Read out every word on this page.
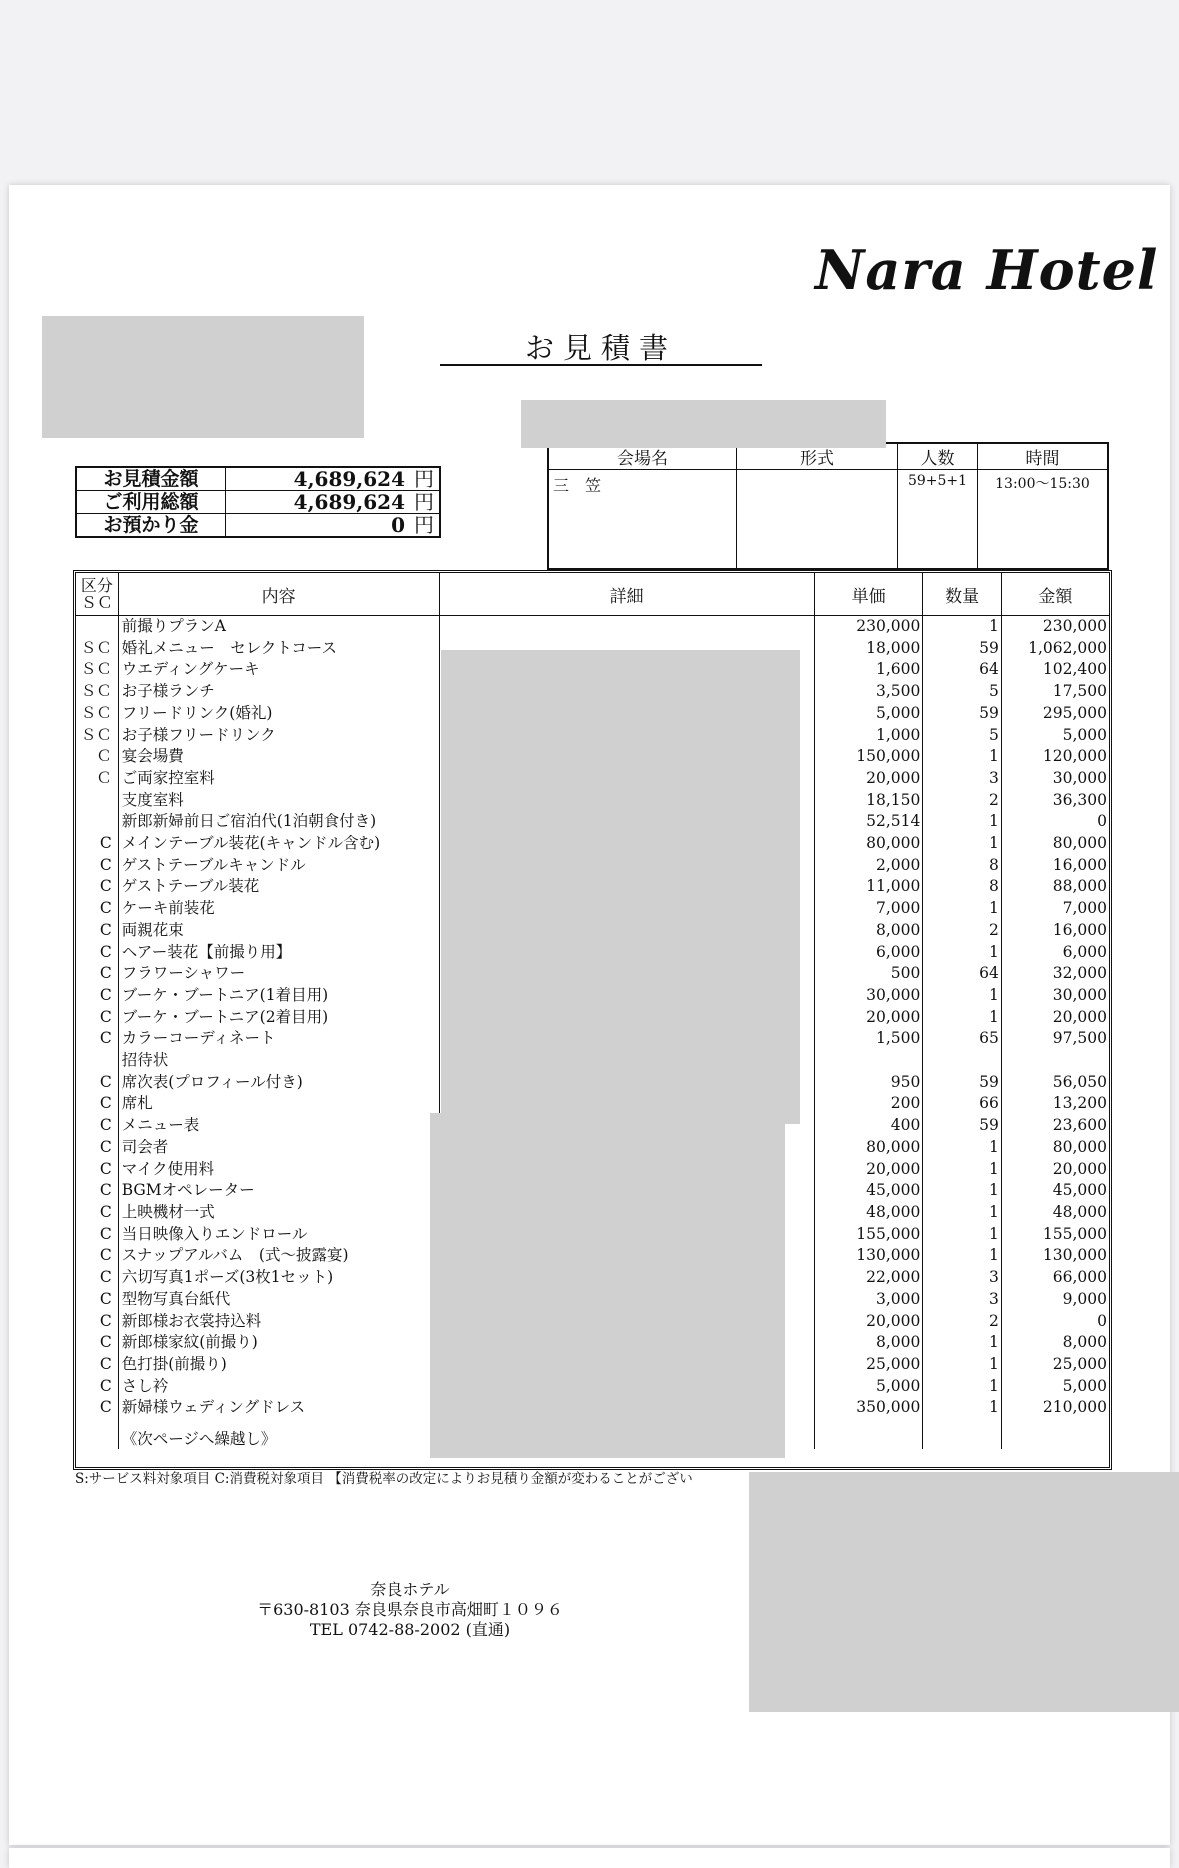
Nara Hotel
お見積書
お見積金額	4,689,624	円
ご利用総額	4,689,624	円
お預かり金	0	円
会場名	形式	人数	時間
三　笠		59+5+1	13:00〜15:30
区分
ＳＣ	内容	詳細	単価	数量	金額
	前撮りプランA		230,000	1	230,000
ＳＣ	婚礼メニュー　セレクトコース		18,000	59	1,062,000
ＳＣ	ウエディングケーキ		1,600	64	102,400
ＳＣ	お子様ランチ		3,500	5	17,500
ＳＣ	フリードリンク(婚礼)		5,000	59	295,000
ＳＣ	お子様フリードリンク		1,000	5	5,000
Ｃ	宴会場費		150,000	1	120,000
Ｃ	ご両家控室料		20,000	3	30,000
	支度室料		18,150	2	36,300
	新郎新婦前日ご宿泊代(1泊朝食付き)		52,514	1	0
C	メインテーブル装花(キャンドル含む)		80,000	1	80,000
C	ゲストテーブルキャンドル		2,000	8	16,000
C	ゲストテーブル装花		11,000	8	88,000
C	ケーキ前装花		7,000	1	7,000
C	両親花束		8,000	2	16,000
C	ヘアー装花【前撮り用】		6,000	1	6,000
C	フラワーシャワー		500	64	32,000
C	ブーケ・ブートニア(1着目用)		30,000	1	30,000
C	ブーケ・ブートニア(2着目用)		20,000	1	20,000
C	カラーコーディネート		1,500	65	97,500
	招待状				
C	席次表(プロフィール付き)		950	59	56,050
C	席札		200	66	13,200
C	メニュー表		400	59	23,600
C	司会者		80,000	1	80,000
C	マイク使用料		20,000	1	20,000
C	BGMオペレーター		45,000	1	45,000
C	上映機材一式		48,000	1	48,000
C	当日映像入りエンドロール		155,000	1	155,000
C	スナップアルバム　(式〜披露宴)		130,000	1	130,000
C	六切写真1ポーズ(3枚1セット)		22,000	3	66,000
C	型物写真台紙代		3,000	3	9,000
C	新郎様お衣裳持込料		20,000	2	0
C	新郎様家紋(前撮り)		8,000	1	8,000
C	色打掛(前撮り)		25,000	1	25,000
C	さし衿		5,000	1	5,000
C	新婦様ウェディングドレス		350,000	1	210,000
	《次ページへ繰越し》				
S:サービス料対象項目 C:消費税対象項目 【消費税率の改定によりお見積り金額が変わることがござい
奈良ホテル
〒630-8103 奈良県奈良市高畑町１０９６
TEL 0742-88-2002 (直通)
